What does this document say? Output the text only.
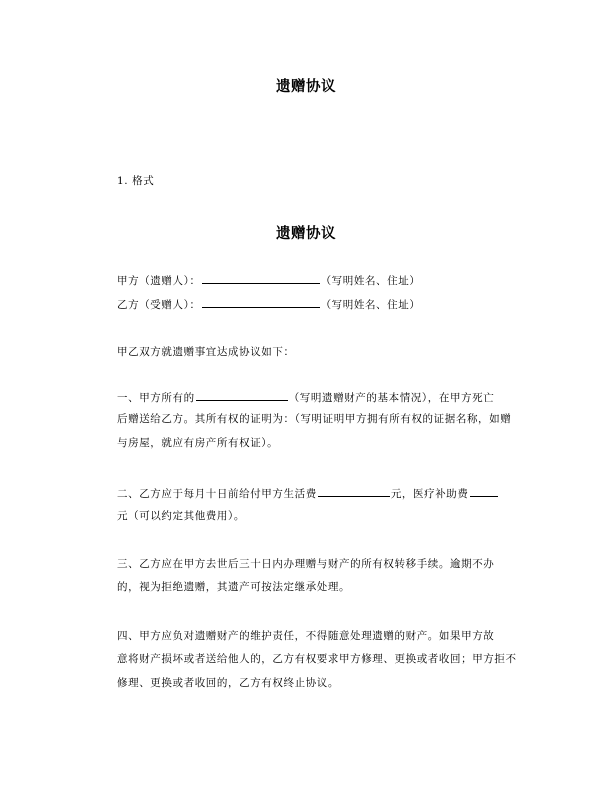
遗赠协议
1. 格式
遗赠协议
甲方（遗赠人）：	（写明姓名、住址）
乙方（受赠人）：	（写明姓名、住址）
甲乙双方就遗赠事宜达成协议如下：
一、甲方所有的	（写明遗赠财产的基本情况），在甲方死亡
后赠送给乙方。其所有权的证明为：（写明证明甲方拥有所有权的证据名称，如赠
与房屋，就应有房产所有权证）。
二、乙方应于每月十日前给付甲方生活费	元，医疗补助费
元（可以约定其他费用）。
三、乙方应在甲方去世后三十日内办理赠与财产的所有权转移手续。逾期不办
的，视为拒绝遗赠，其遗产可按法定继承处理。
四、甲方应负对遗赠财产的维护责任，不得随意处理遗赠的财产。如果甲方故
意将财产损坏或者送给他人的，乙方有权要求甲方修理、更换或者收回；甲方拒不
修理、更换或者收回的，乙方有权终止协议。
